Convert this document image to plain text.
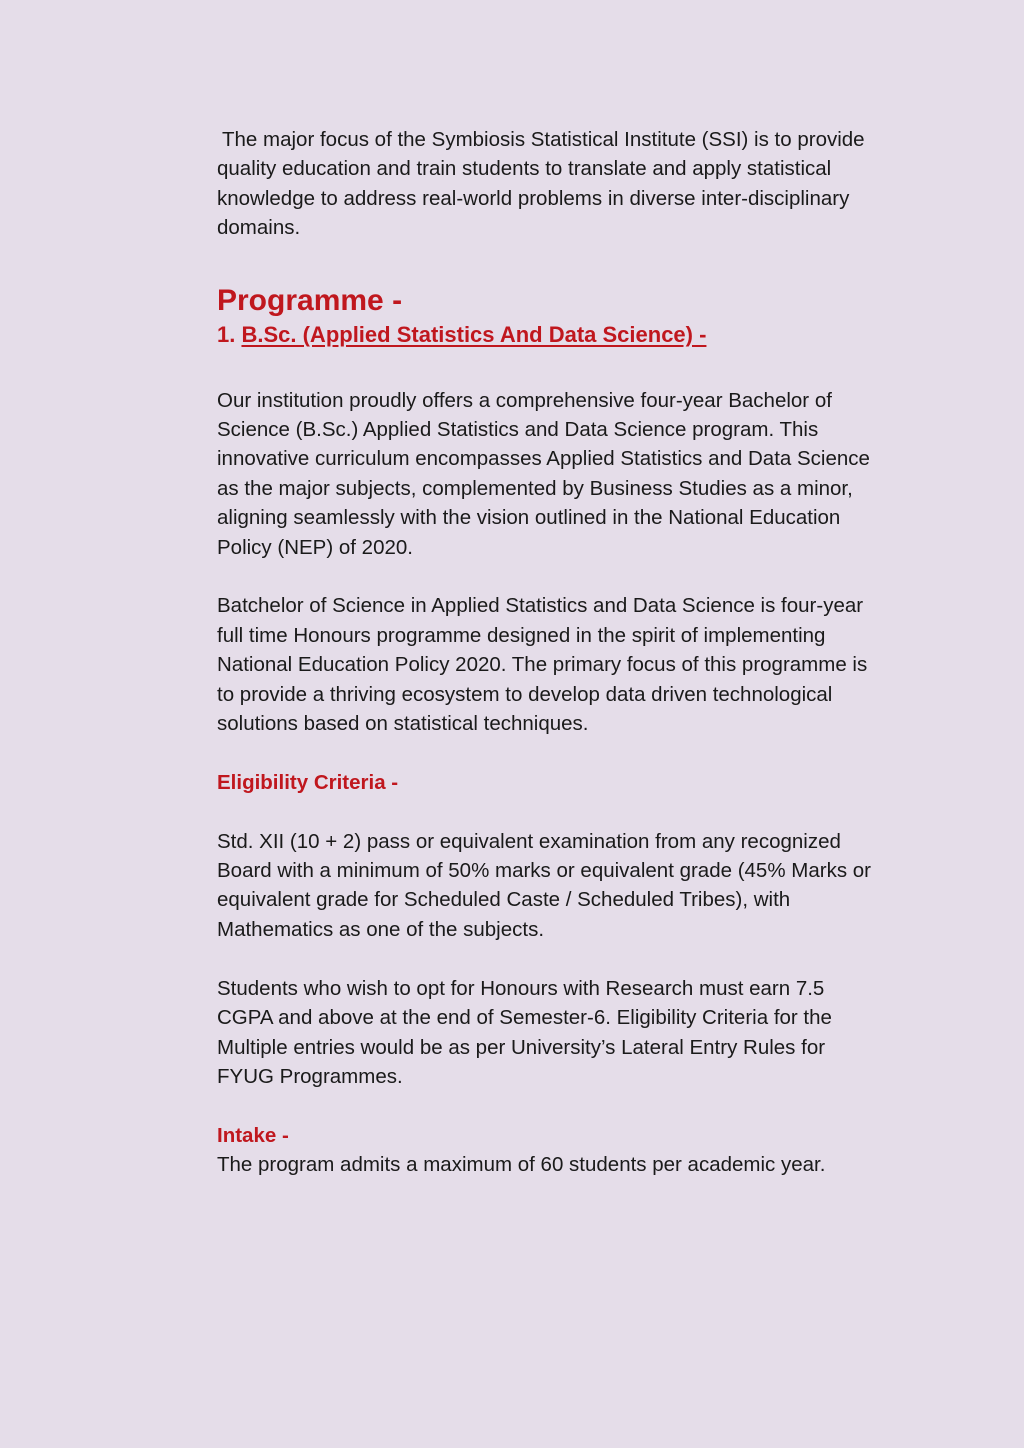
The major focus of the Symbiosis Statistical Institute (SSI) is to provide quality education and train students to translate and apply statistical knowledge to address real-world problems in diverse inter-disciplinary domains.

Programme -
1. B.Sc. (Applied Statistics And Data Science) -

Our institution proudly offers a comprehensive four-year Bachelor of Science (B.Sc.) Applied Statistics and Data Science program. This innovative curriculum encompasses Applied Statistics and Data Science as the major subjects, complemented by Business Studies as a minor, aligning seamlessly with the vision outlined in the National Education Policy (NEP) of 2020.

Batchelor of Science in Applied Statistics and Data Science is four-year full time Honours programme designed in the spirit of implementing National Education Policy 2020. The primary focus of this programme is to provide a thriving ecosystem to develop data driven technological solutions based on statistical techniques.

Eligibility Criteria -

Std. XII (10 + 2) pass or equivalent examination from any recognized Board with a minimum of 50% marks or equivalent grade (45% Marks or equivalent grade for Scheduled Caste / Scheduled Tribes), with Mathematics as one of the subjects.

Students who wish to opt for Honours with Research must earn 7.5 CGPA and above at the end of Semester-6. Eligibility Criteria for the Multiple entries would be as per University’s Lateral Entry Rules for FYUG Programmes.

Intake -

The program admits a maximum of 60 students per academic year.
